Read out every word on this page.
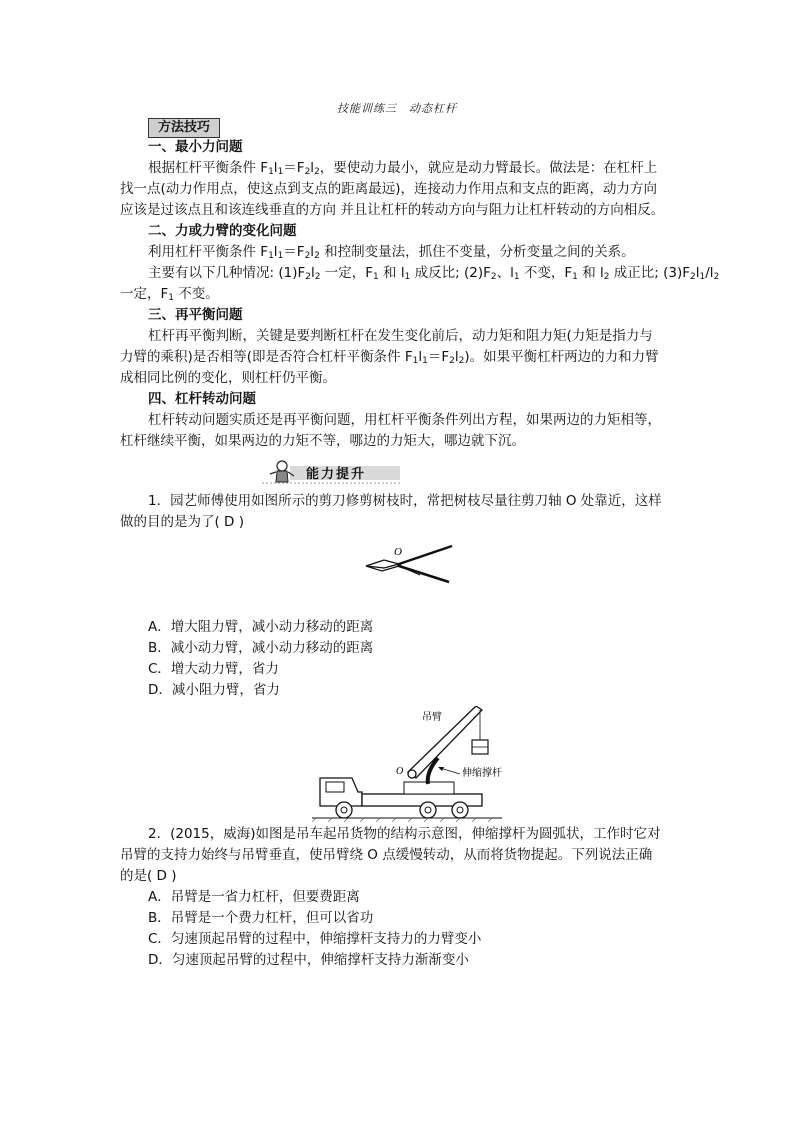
技能训练三　动态杠杆
方法技巧
一、最小力问题
根据杠杆平衡条件 $F_1l_1=F_2l_2$，要使动力最小，就应是动力臂最长。做法是：在杠杆上
找一点(动力作用点，使这点到支点的距离最远)，连接动力作用点和支点的距离，动力方向
应该是过该点且和该连线垂直的方向 并且让杠杆的转动方向与阻力让杠杆转动的方向相反。
二、力或力臂的变化问题
利用杠杆平衡条件 $F_1l_1=F_2l_2$ 和控制变量法，抓住不变量，分析变量之间的关系。
主要有以下几种情况: $(1)F_2l_2$ 一定，$F_1$ 和 $l_1$ 成反比; $(2)F_2$、$l_1$ 不变，$F_1$ 和 $l_2$ 成正比; $(3)F_2l_1/l_2$
一定，$F_1$ 不变。
三、再平衡问题
杠杆再平衡判断，关键是要判断杠杆在发生变化前后，动力矩和阻力矩(力矩是指力与
力臂的乘积)是否相等(即是否符合杠杆平衡条件 $F_1l_1=F_2l_2$)。如果平衡杠杆两边的力和力臂
成相同比例的变化，则杠杆仍平衡。
四、杠杆转动问题
杠杆转动问题实质还是再平衡问题，用杠杆平衡条件列出方程，如果两边的力矩相等，
杠杆继续平衡，如果两边的力矩不等，哪边的力矩大，哪边就下沉。
能力提升
1．园艺师傅使用如图所示的剪刀修剪树枝时，常把树枝尽量往剪刀轴 O 处靠近，这样
做的目的是为了( D )
O
A．增大阻力臂，减小动力移动的距离
B．减小动力臂，减小动力移动的距离
C．增大动力臂，省力
D．减小阻力臂，省力
吊臂
伸缩撑杆
O
2．(2015，威海)如图是吊车起吊货物的结构示意图，伸缩撑杆为圆弧状，工作时它对
吊臂的支持力始终与吊臂垂直，使吊臂绕 O 点缓慢转动，从而将货物提起。下列说法正确
的是( D )
A．吊臂是一省力杠杆，但要费距离
B．吊臂是一个费力杠杆，但可以省功
C．匀速顶起吊臂的过程中，伸缩撑杆支持力的力臂变小
D．匀速顶起吊臂的过程中，伸缩撑杆支持力渐渐变小
